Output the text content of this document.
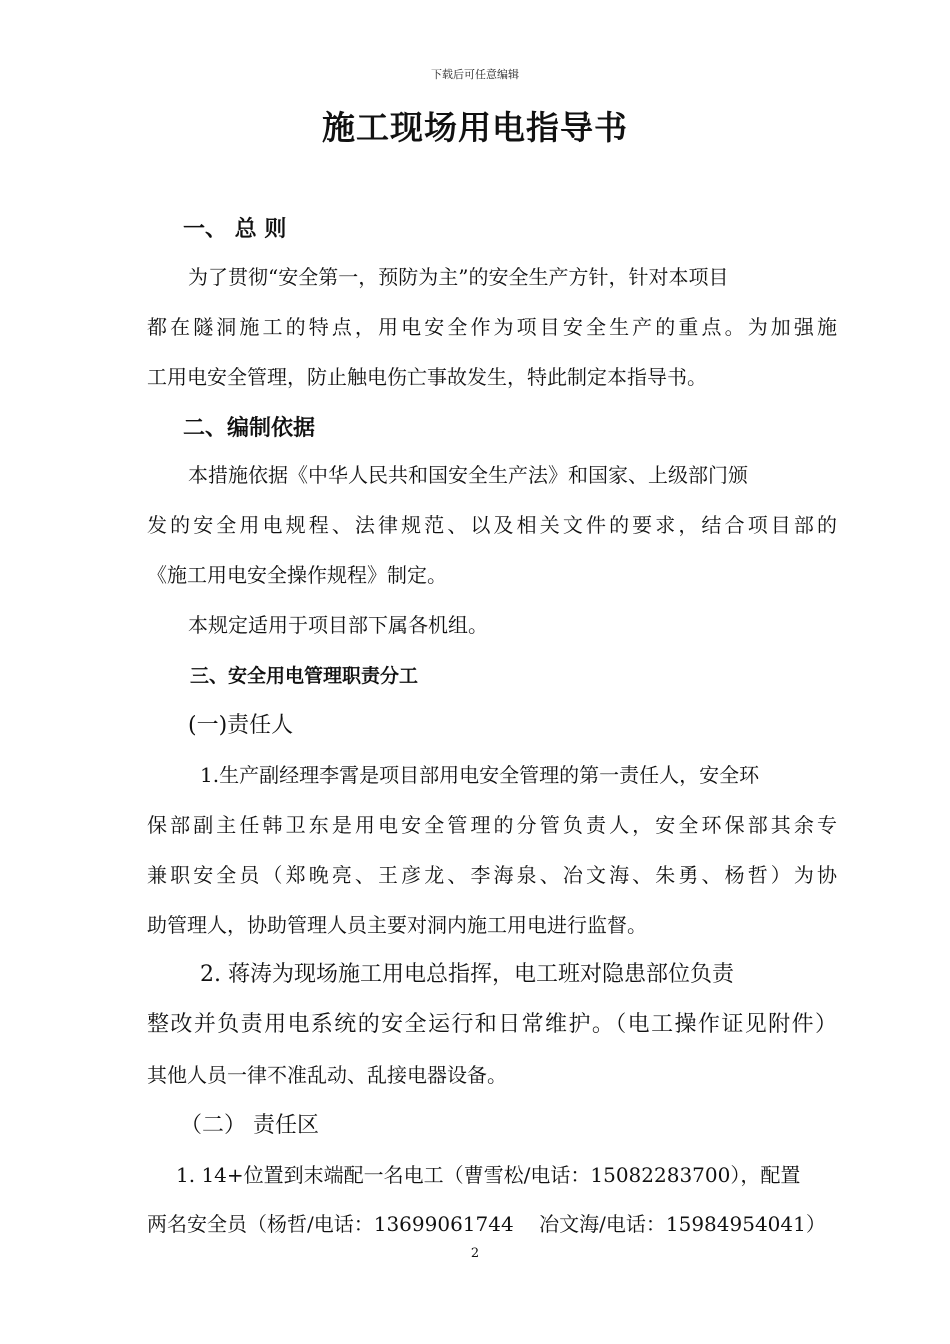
下载后可任意编辑
施工现场用电指导书
一、 总 则
为了贯彻“安全第一，预防为主”的安全生产方针，针对本项目
都在隧洞施工的特点，用电安全作为项目安全生产的重点。为加强施
工用电安全管理，防止触电伤亡事故发生，特此制定本指导书。
二、编制依据
本措施依据《中华人民共和国安全生产法》和国家、上级部门颁
发的安全用电规程、法律规范、以及相关文件的要求，结合项目部的
《施工用电安全操作规程》制定。
本规定适用于项目部下属各机组。
三、安全用电管理职责分工
(一)责任人
1.生产副经理李霄是项目部用电安全管理的第一责任人，安全环
保部副主任韩卫东是用电安全管理的分管负责人，安全环保部其余专
兼职安全员（郑晚亮、王彦龙、李海泉、冶文海、朱勇、杨哲）为协
助管理人，协助管理人员主要对洞内施工用电进行监督。
2. 蒋涛为现场施工用电总指挥，电工班对隐患部位负责
整改并负责用电系统的安全运行和日常维护。（电工操作证见附件）
其他人员一律不准乱动、乱接电器设备。
（二） 责任区
1. 14+位置到末端配一名电工（曹雪松/电话：15082283700），配置
两名安全员（杨哲/电话：13699061744    冶文海/电话：15984954041）
2
